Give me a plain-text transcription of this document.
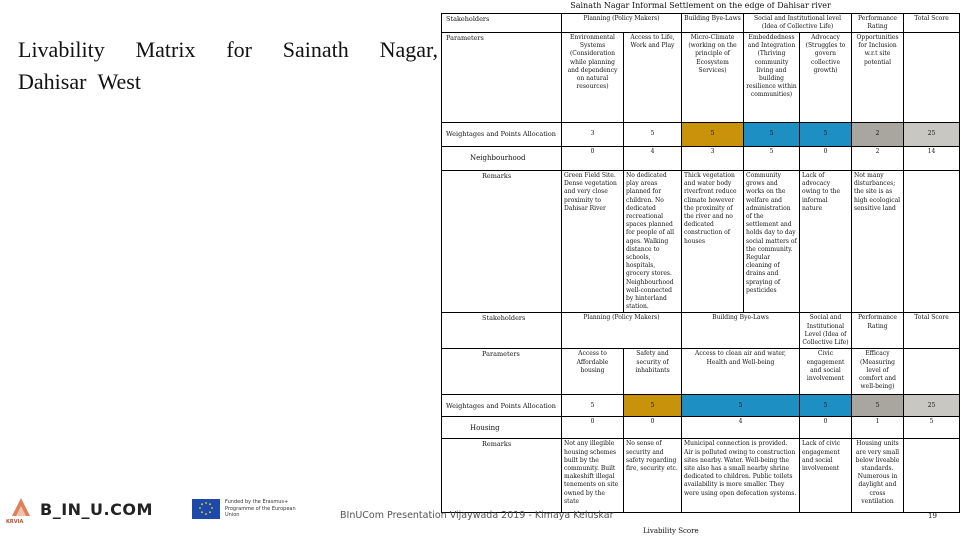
Livability Matrix for Sainath Nagar, Dahisar West
Sainath Nagar Informal Settlement on the edge of Dahisar river							
Stakeholders	Planning (Policy Makers)		Building Bye-Laws	Social and Institutional level (Idea of Collective Life)		Performance Rating	Total Score
Parameters	Environmental Systems (Consideration while planning and dependency on natural resources)	Access to Life, Work and Play	Micro-Climate (working on the principle of Ecosystem Services)	Embeddedness and Integration (Thriving community living and building resilience within communities)	Advocacy (Struggles to govern collective growth)	Opportunities for Inclusion w.r.t site potential	
Weightages and Points Allocation	3	5	5	5	5	2	25
Neighbourhood	0	4	3	5	0	2	14
Remarks	Green Field Site. Dense vegetation and very close proximity to Dahisar River	No dedicated play areas planned for children. No dedicated recreational spaces planned for people of all ages. Walking distance to schools, hospitals, grocery stores. Neighbourhood well-connected by hinterland station.	Thick vegetation and water body riverfront reduce climate however the proximity of the river and no dedicated construction of houses	Community grows and works on the welfare and administration of the settlement and holds day to day social matters of the community. Regular cleaning of drains and spraying of pesticides	Lack of advocacy owing to the informal nature	Not many disturbances; the site is as high ecological sensitive land	
Stakeholders	Planning (Policy Makers)		Building Bye-Laws		Social and Institutional Level (Idea of Collective Life)	Performance Rating	Total Score
Parameters	Access to Affordable housing	Safety and security of inhabitants	Access to clean air and water, Health and Well-being		Civic engagement and social involvement	Efficacy (Measuring level of comfort and well-being)	
Weightages and Points Allocation	5	5	5		5	5	25
Housing	0	0	4		0	1	5
Remarks	Not any illegible housing schemes built by the community. Built makeshift illegal tenements on site owned by the state	No sense of security and safety regarding fire, security etc.	Municipal connection is provided. Air is polluted owing to construction sites nearby. Water. Well-being the site also has a small nearby shrine dedicated to children. Public toilets availability is more smaller. They were using open defecation systems.		Lack of civic engagement and social involvement	Housing units are very small below liveable standards. Numerous in daylight and cross ventilation	
KRVIA
B_IN_U.COM	Funded by the Erasmus+ Programme of the European Union	BInUCom Presentation Vijaywada 2019 - Kimaya Keluskar
Livability Score
19
